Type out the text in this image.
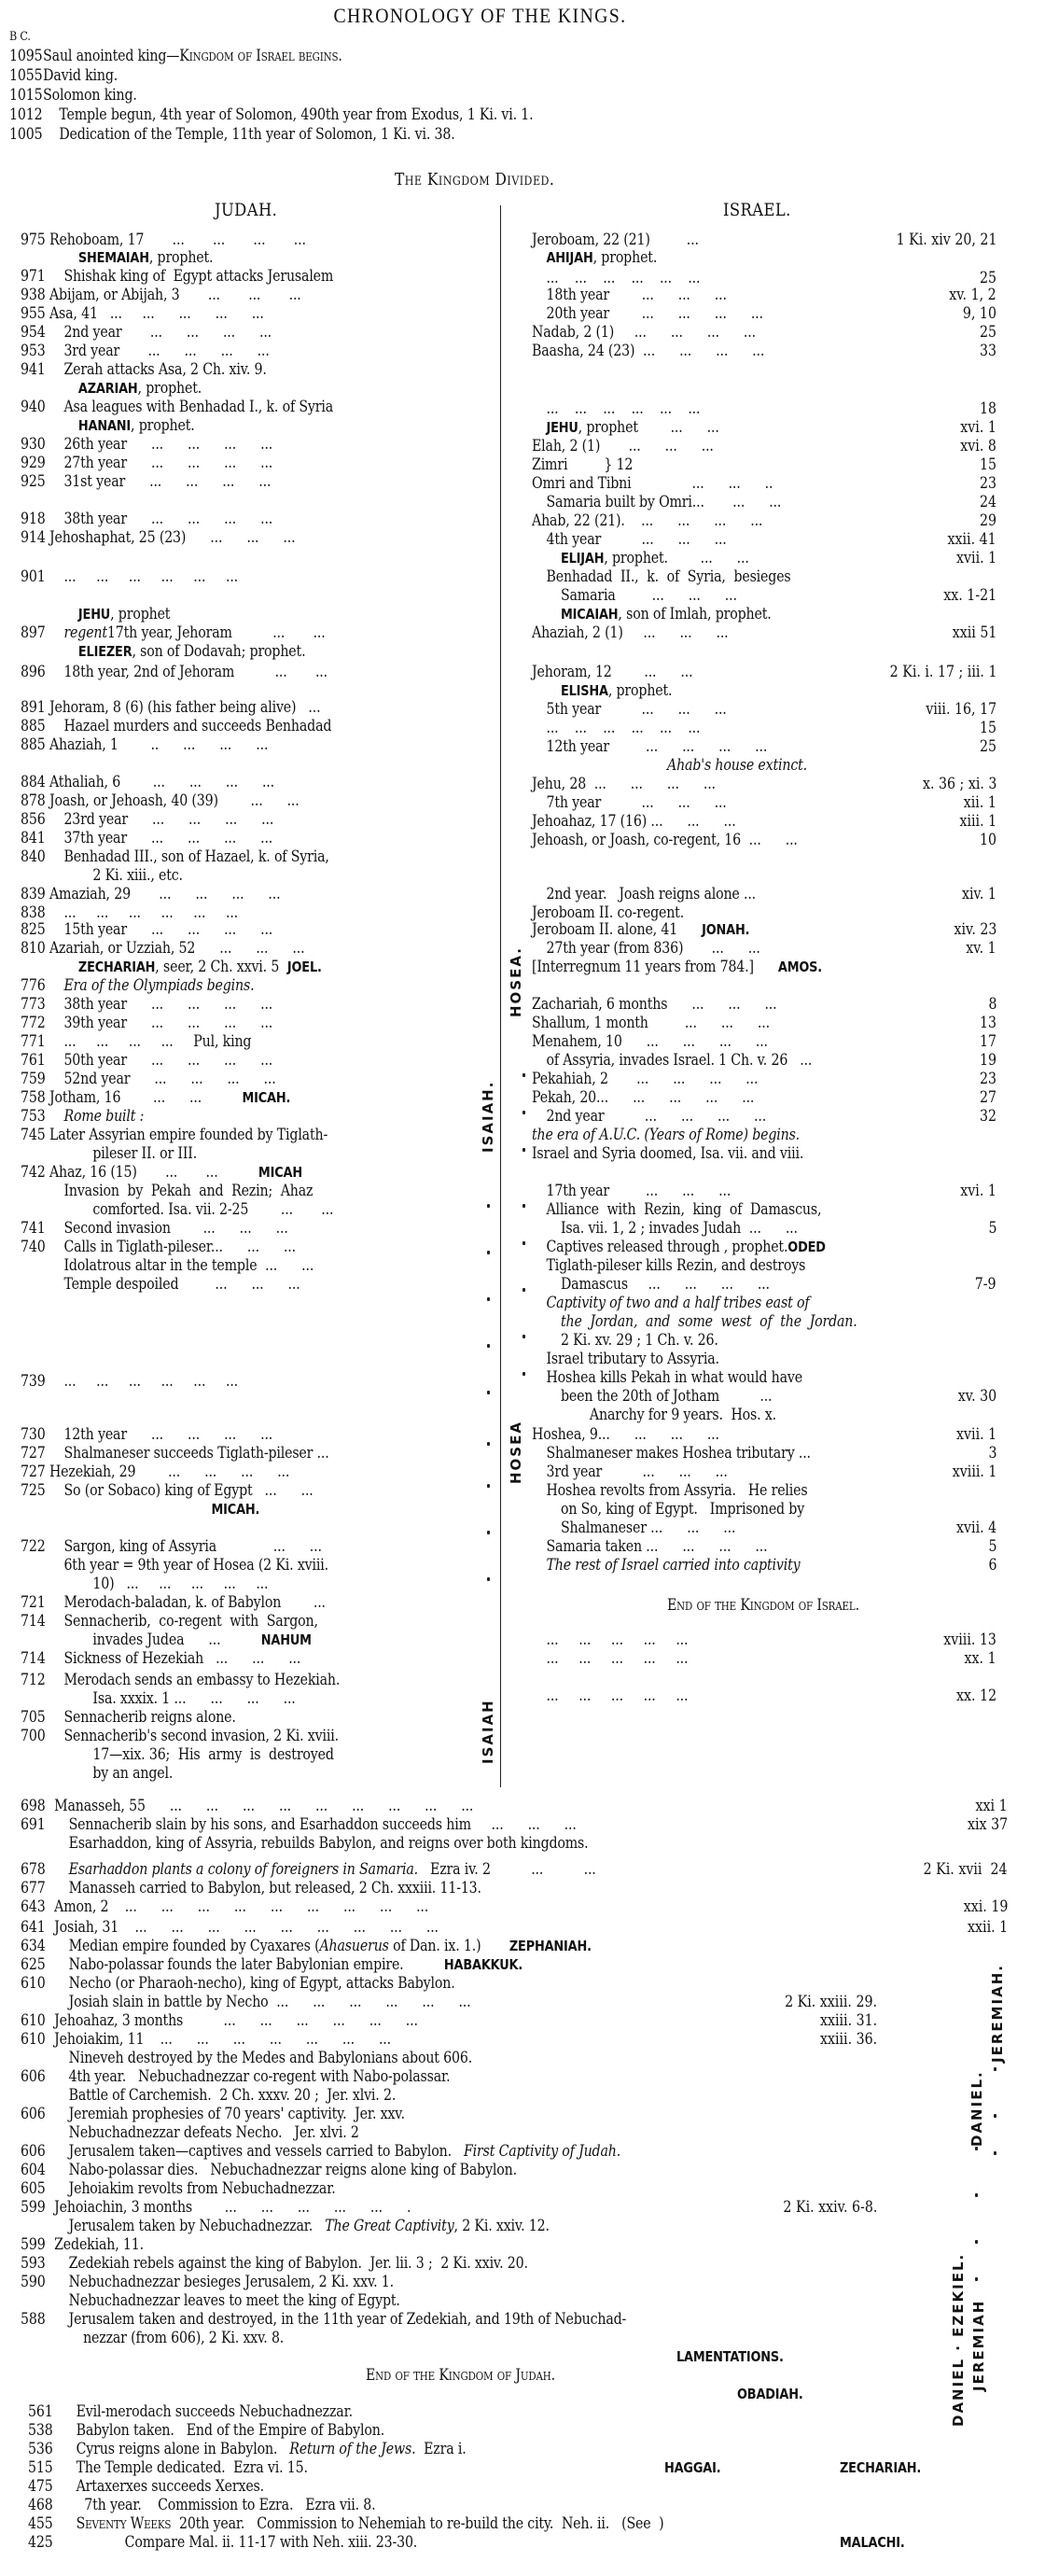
CHRONOLOGY OF THE KINGS.
B C.
1095Saul anointed king—Kingdom of Israel begins.
1055David king.
1015Solomon king.
1012 Temple begun, 4th year of Solomon, 490th year from Exodus, 1 Ki. vi. 1.
1005 Dedication of the Temple, 11th year of Solomon, 1 Ki. vi. 38.
The Kingdom Divided.
JUDAH.	ISRAEL.
975 Rehoboam, 17       ...       ...       ...       ...
SHEMAIAH, prophet.
971 Shishak king of  Egypt attacks Jerusalem
938 Abijam, or Abijah, 3       ...       ...       ...
955 Asa, 41   ...     ...      ...      ...      ...
954 2nd year       ...      ...      ...      ...
953 3rd year       ...      ...      ...      ...
941 Zerah attacks Asa, 2 Ch. xiv. 9.
AZARIAH, prophet.
940 Asa leagues with Benhadad I., k. of Syria
HANANI, prophet.
930 26th year      ...      ...      ...      ...
929 27th year      ...      ...      ...      ...
925 31st year      ...      ...      ...      ...
918 38th year      ...      ...      ...      ...
914 Jehoshaphat, 25 (23)      ...      ...      ...
901 ...     ...     ...     ...     ...     ...
JEHU, prophet
897 regent17th year, Jehoram          ...       ...
ELIEZER, son of Dodavah; prophet.
896 18th year, 2nd of Jehoram          ...       ...
891 Jehoram, 8 (6) (his father being alive)   ...
885 Hazael murders and succeeds Benhadad
885 Ahaziah, 1        ..      ...      ...      ...
884 Athaliah, 6        ...      ...      ...      ...
878 Joash, or Jehoash, 40 (39)        ...      ...
856 23rd year      ...      ...      ...      ...
841 37th year      ...      ...      ...      ...
840 Benhadad III., son of Hazael, k. of Syria,
2 Ki. xiii., etc.
839 Amaziah, 29       ...      ...      ...      ...
838 ...     ...     ...     ...     ...     ...
825 15th year      ...      ...      ...      ...
810 Azariah, or Uzziah, 52      ...      ...      ...
ZECHARIAH, seer, 2 Ch. xxvi. 5  JOEL.
776 Era of the Olympiads begins.
773 38th year      ...      ...      ...      ...
772 39th year      ...      ...      ...      ...
771 ...     ...     ...     ...     Pul, king
761 50th year      ...      ...      ...      ...
759 52nd year      ...      ...      ...      ...
758 Jotham, 16        ...      ...          MICAH.
753 Rome built :
745 Later Assyrian empire founded by Tiglath-
pileser II. or III.
742 Ahaz, 16 (15)       ...       ...          MICAH
Invasion  by  Pekah  and  Rezin;  Ahaz
comforted. Isa. vii. 2-25        ...       ...
741 Second invasion        ...      ...      ...
740 Calls in Tiglath-pileser...      ...      ...
Idolatrous altar in the temple  ...      ...
Temple despoiled         ...      ...      ...
739 ...     ...     ...     ...     ...     ...
730 12th year      ...      ...      ...      ...
727 Shalmaneser succeeds Tiglath-pileser ...
727 Hezekiah, 29        ...      ...      ...      ...
725 So (or Sobaco) king of Egypt   ...      ...
MICAH.
722 Sargon, king of Assyria              ...      ...
6th year = 9th year of Hosea (2 Ki. xviii.
10)   ...     ...     ...     ...     ...
721 Merodach-baladan, k. of Babylon        ...
714 Sennacherib,  co-regent  with  Sargon,
invades Judea      ...          NAHUM
714 Sickness of Hezekiah   ...      ...      ...
712 Merodach sends an embassy to Hezekiah.
Isa. xxxix. 1 ...      ...      ...      ...
705 Sennacherib reigns alone.
700 Sennacherib's second invasion, 2 Ki. xviii.
17—xix. 36;  His  army  is  destroyed
by an angel.
Jeroboam, 22 (21)         ...	1 Ki. xiv 20, 21
AHIJAH, prophet.
...    ...    ...    ...    ...    ...	25
18th year        ...      ...      ...	xv. 1, 2
20th year        ...      ...      ...      ...	9, 10
Nadab, 2 (1)     ...      ...      ...      ...	25
Baasha, 24 (23)  ...      ...      ...      ...	33
...    ...    ...    ...    ...    ...	18
JEHU, prophet        ...      ...	xvi. 1
Elah, 2 (1)       ...      ...      ...	xvi. 8
Zimri         } 12	15
Omri and Tibni               ...      ...      ..	23
Samaria built by Omri...       ...      ...	24
Ahab, 22 (21).    ...      ...      ...      ...	29
4th year          ...      ...      ...	xxii. 41
ELIJAH, prophet.        ...      ...	xvii. 1
Benhadad  II.,  k.  of  Syria,  besieges
Samaria         ...      ...      ...	xx. 1-21
MICAIAH, son of Imlah, prophet.
Ahaziah, 2 (1)     ...      ...      ...	xxii 51
Jehoram, 12        ...      ...	2 Ki. i. 17 ; iii. 1
ELISHA, prophet.
5th year          ...      ...      ...	viii. 16, 17
...    ...    ...    ...    ...    ...	15
12th year         ...      ...      ...      ...	25
Ahab's house extinct.
Jehu, 28  ...      ...      ...      ...	x. 36 ; xi. 3
7th year          ...      ...      ...	xii. 1
Jehoahaz, 17 (16) ...      ...      ...	xiii. 1
Jehoash, or Joash, co-regent, 16  ...      ...	10
2nd year.   Joash reigns alone ...	xiv. 1
Jeroboam II. co-regent.
Jeroboam II. alone, 41      JONAH.	xiv. 23
27th year (from 836)       ...      ...	xv. 1
[Interregnum 11 years from 784.]      AMOS.
Zachariah, 6 months      ...      ...      ...	8
Shallum, 1 month         ...      ...      ...	13
Menahem, 10      ...      ...      ...      ...	17
of Assyria, invades Israel. 1 Ch. v. 26   ...	19
Pekahiah, 2       ...      ...      ...      ...	23
Pekah, 20...      ...      ...      ...      ...	27
2nd year          ...      ...      ...      ...	32
the era of A.U.C. (Years of Rome) begins.
Israel and Syria doomed, Isa. vii. and viii.
17th year         ...      ...      ...	xvi. 1
Alliance  with  Rezin,  king  of  Damascus,
Isa. vii. 1, 2 ; invades Judah  ...      ...	5
Captives released through , prophet.ODED
Tiglath-pileser kills Rezin, and destroys
Damascus     ...      ...      ...      ...	7-9
Captivity of two and a half tribes east of
the  Jordan,  and  some  west  of  the  Jordan.
2 Ki. xv. 29 ; 1 Ch. v. 26.
Israel tributary to Assyria.
Hoshea kills Pekah in what would have
been the 20th of Jotham          ...	xv. 30
Anarchy for 9 years.  Hos. x.
Hoshea, 9...      ...      ...      ...	xvii. 1
Shalmaneser makes Hoshea tributary ...	3
3rd year          ...      ...      ...	xviii. 1
Hoshea revolts from Assyria.   He relies
on So, king of Egypt.   Imprisoned by
Shalmaneser ...      ...      ...	xvii. 4
Samaria taken ...      ...      ...      ...	5
The rest of Israel carried into captivity	6
End of the Kingdom of Israel.
...     ...     ...     ...     ...	xviii. 13
...     ...     ...     ...     ...	xx. 1
...     ...     ...     ...     ...	xx. 12
698 Manasseh, 55      ...      ...      ...      ...      ...      ...      ...      ...      ...	xxi 1
691 Sennacherib slain by his sons, and Esarhaddon succeeds him     ...      ...      ...	xix 37
Esarhaddon, king of Assyria, rebuilds Babylon, and reigns over both kingdoms.
678 Esarhaddon plants a colony of foreigners in Samaria.   Ezra iv. 2          ...          ...	2 Ki. xvii  24
677 Manasseh carried to Babylon, but released, 2 Ch. xxxiii. 11-13.
643 Amon, 2    ...      ...      ...      ...      ...      ...      ...      ...      ...	xxi. 19
641 Josiah, 31    ...      ...      ...      ...      ...      ...      ...      ...      ...	xxii. 1
634 Median empire founded by Cyaxares (Ahasuerus of Dan. ix. 1.)       ZEPHANIAH.
625 Nabo-polassar founds the later Babylonian empire.          HABAKKUK.
610 Necho (or Pharaoh-necho), king of Egypt, attacks Babylon.
Josiah slain in battle by Necho  ...      ...      ...      ...      ...      ...	2 Ki. xxiii. 29.
610 Jehoahaz, 3 months          ...      ...      ...      ...      ...      ...	xxiii. 31.
610 Jehoiakim, 11    ...      ...      ...      ...      ...      ...      ...	xxiii. 36.
Nineveh destroyed by the Medes and Babylonians about 606.
606 4th year.   Nebuchadnezzar co-regent with Nabo-polassar.
Battle of Carchemish.  2 Ch. xxxv. 20 ;  Jer. xlvi. 2.
606 Jeremiah prophesies of 70 years' captivity.  Jer. xxv.
Nebuchadnezzar defeats Necho.   Jer. xlvi. 2
606 Jerusalem taken—captives and vessels carried to Babylon.   First Captivity of Judah.
604 Nabo-polassar dies.   Nebuchadnezzar reigns alone king of Babylon.
605 Jehoiakim revolts from Nebuchadnezzar.
599 Jehoiachin, 3 months        ...      ...      ...      ...      ...      .	2 Ki. xxiv. 6-8.
Jerusalem taken by Nebuchadnezzar.   The Great Captivity, 2 Ki. xxiv. 12.
599 Zedekiah, 11.
593 Zedekiah rebels against the king of Babylon.  Jer. lii. 3 ;  2 Ki. xxiv. 20.
590 Nebuchadnezzar besieges Jerusalem, 2 Ki. xxv. 1.
Nebuchadnezzar leaves to meet the king of Egypt.
588 Jerusalem taken and destroyed, in the 11th year of Zedekiah, and 19th of Nebuchad-
nezzar (from 606), 2 Ki. xxv. 8.
LAMENTATIONS.
End of the Kingdom of Judah.
OBADIAH.
561 Evil-merodach succeeds Nebuchadnezzar.
538 Babylon taken.   End of the Empire of Babylon.
536 Cyrus reigns alone in Babylon.   Return of the Jews.  Ezra i.
515 The Temple dedicated.  Ezra vi. 15.
475 Artaxerxes succeeds Xerxes.
468  7th year.    Commission to Ezra.   Ezra vii. 8.
455 Seventy Weeks  20th year.   Commission to Nehemiah to re-build the city.  Neh. ii.   (See  )
425            Compare Mal. ii. 11-17 with Neh. xiii. 23-30.
HAGGAI.	ZECHARIAH.
MALACHI.
HOSEA.
HOSEA
ISAIAH.
ISAIAH
DANIEL.
JEREMIAH.
DANIEL · EZEKIEL. JEREMIAH
